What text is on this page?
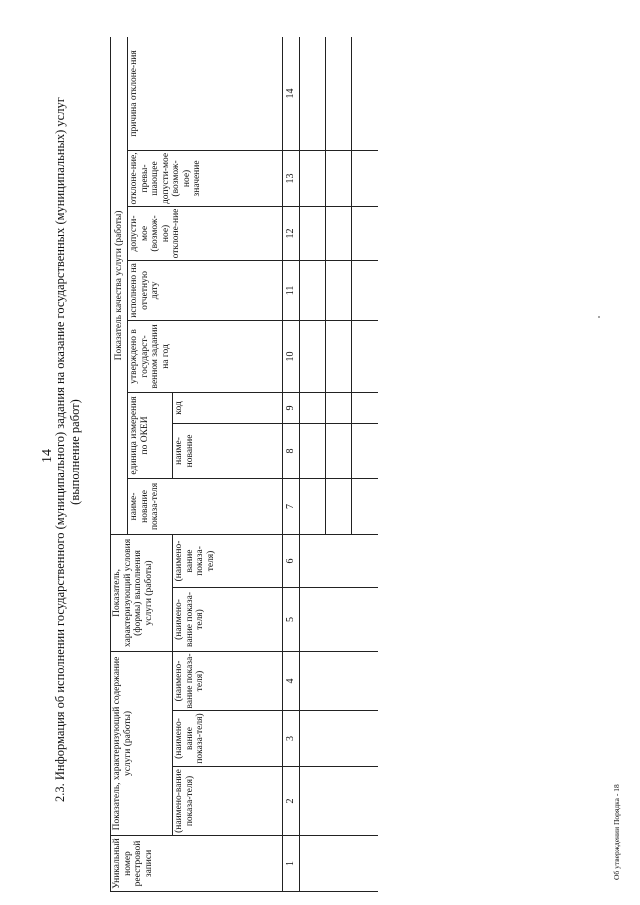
14
2.3. Информация об исполнении государственного (муниципального) задания на оказание государственных (муниципальных) услуг (выполнение работ)
Уникальный номер реестровой записи	Показатель, характеризующий содержание услуги (работы)			Показатель, характеризующий условия (формы) выполнения услуги (работы)		Показатель качества услуги (работы)							
						наиме-нование показа-теля	единица измерения по ОКЕИ		утверждено в государст-венном задании на год	исполнено на отчетную дату	допусти-мое (возмож-ное) отклоне-ние	отклоне-ние, превы-шающее допусти-мое (возмож-ное) значение	причина отклоне-ния
	(наимено-вание показа-теля)	(наимено-вание показа-теля)	(наимено-вание показа-теля)	(наимено-вание показа-теля)	(наимено-вание показа-теля)		наиме-нование	код					
1	2	3	4	5	6	7	8	9	10	11	12	13	14

Об утверждении Порядка - 18
